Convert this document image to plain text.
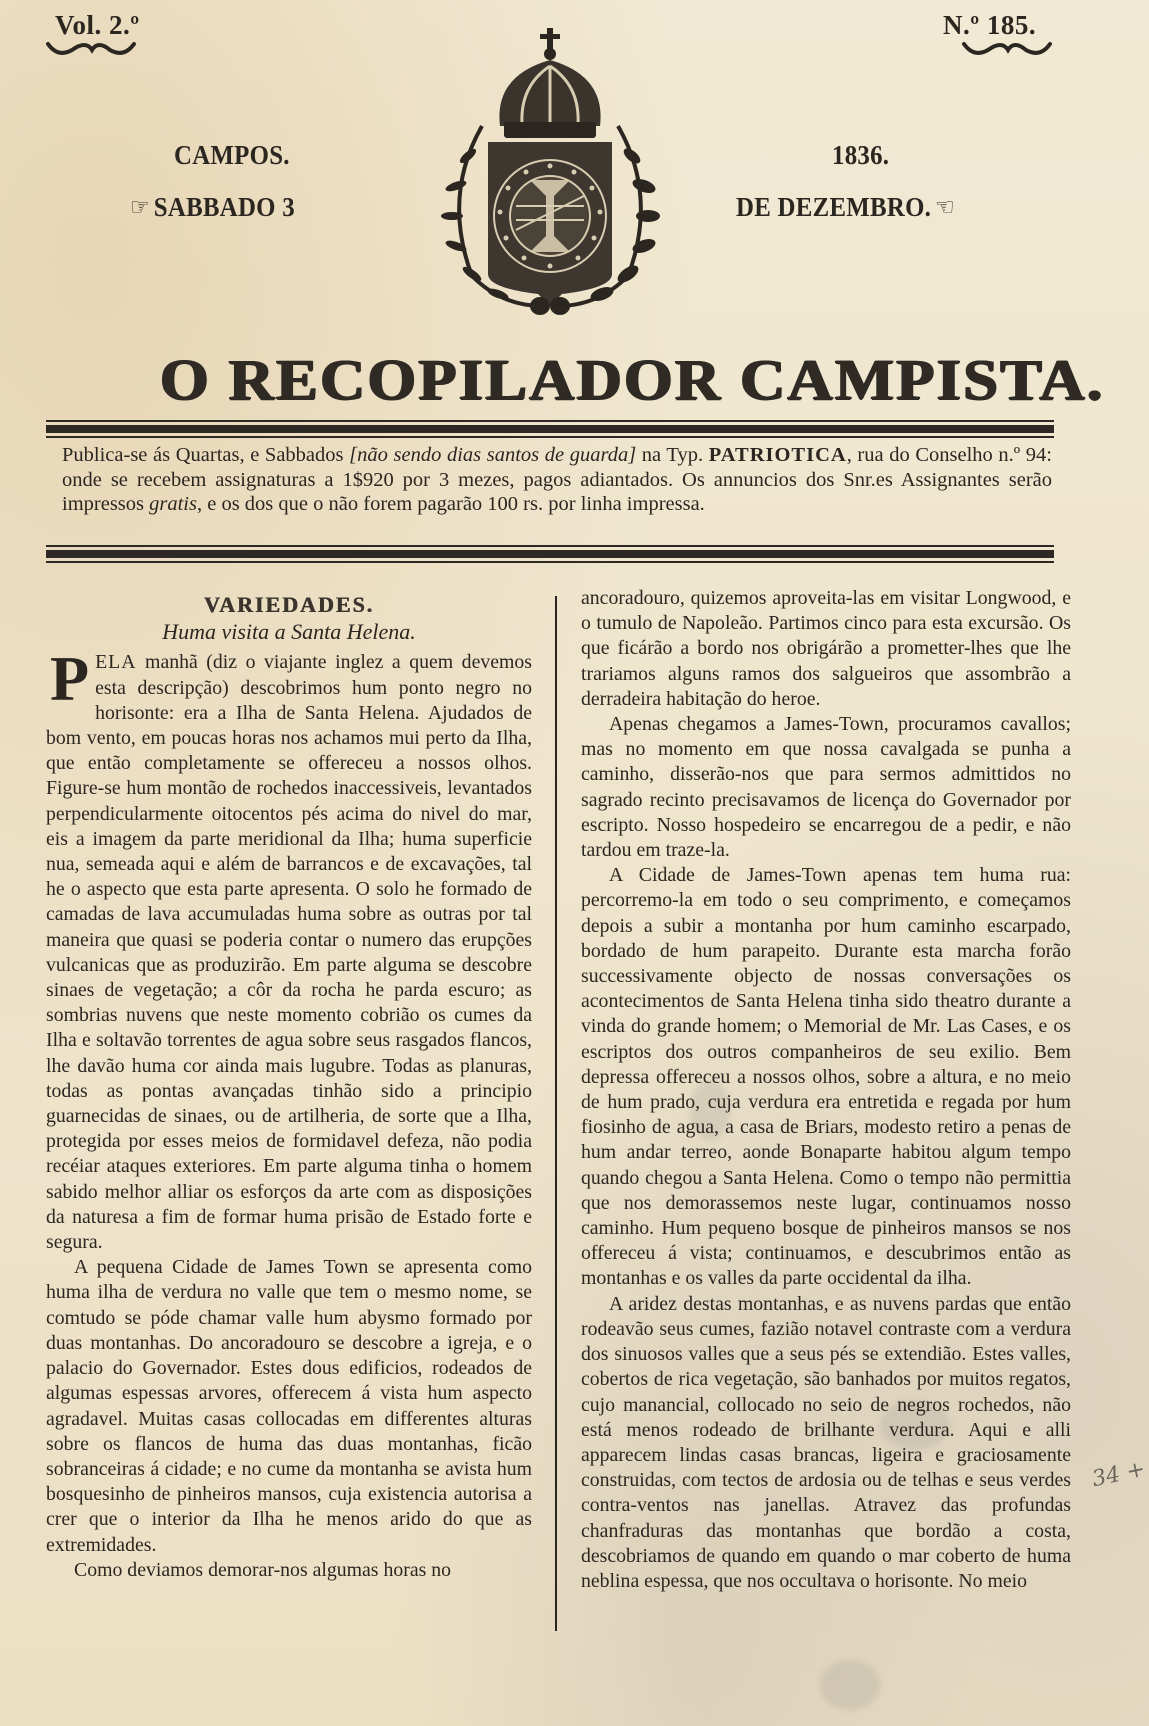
Vol. 2.º	N.º 185.
CAMPOS.	1836.
☞ SABBADO 3	DE DEZEMBRO. ☜
O RECOPILADOR CAMPISTA.
Publica-se ás Quartas, e Sabbados [não sendo dias santos de guarda] na Typ. PATRIOTICA, rua do Conselho n.º 94: onde se recebem assignaturas a 1$920 por 3 mezes, pagos adiantados. Os annuncios dos Snr.es Assignantes serão impressos gratis, e os dos que o não forem pagarão 100 rs. por linha impressa.
VARIEDADES.
Huma visita a Santa Helena.

PELA manhã (diz o viajante inglez a quem devemos esta descripção) descobrimos hum ponto negro no horisonte: era a Ilha de Santa Helena. Ajudados de bom vento, em poucas horas nos achamos mui perto da Ilha, que então completamente se offereceu a nossos olhos. Figure-se hum montão de rochedos inaccessiveis, levantados perpendicularmente oitocentos pés acima do nivel do mar, eis a imagem da parte meridional da Ilha; huma superficie nua, semeada aqui e além de barrancos e de excavações, tal he o aspecto que esta parte apresenta. O solo he formado de camadas de lava accumuladas huma sobre as outras por tal maneira que quasi se poderia contar o numero das erupções vulcanicas que as produzirão. Em parte alguma se descobre sinaes de vegetação; a côr da rocha he parda escuro; as sombrias nuvens que neste momento cobrião os cumes da Ilha e soltavão torrentes de agua sobre seus rasgados flancos, lhe davão huma cor ainda mais lugubre. Todas as planuras, todas as pontas avançadas tinhão sido a principio guarnecidas de sinaes, ou de artilheria, de sorte que a Ilha, protegida por esses meios de formidavel defeza, não podia recéiar ataques exteriores. Em parte alguma tinha o homem sabido melhor alliar os esforços da arte com as disposições da naturesa a fim de formar huma prisão de Estado forte e segura.

A pequena Cidade de James Town se apresenta como huma ilha de verdura no valle que tem o mesmo nome, se comtudo se póde chamar valle hum abysmo formado por duas montanhas. Do ancoradouro se descobre a igreja, e o palacio do Governador. Estes dous edificios, rodeados de algumas espessas arvores, offerecem á vista hum aspecto agradavel. Muitas casas collocadas em differentes alturas sobre os flancos de huma das duas montanhas, ficão sobranceiras á cidade; e no cume da montanha se avista hum bosquesinho de pinheiros mansos, cuja existencia autorisa a crer que o interior da Ilha he menos arido do que as extremidades.

Como deviamos demorar-nos algumas horas no

ancoradouro, quizemos aproveita-las em visitar Longwood, e o tumulo de Napoleão. Partimos cinco para esta excursão. Os que ficárão a bordo nos obrigárão a prometter-lhes que lhe trariamos alguns ramos dos salgueiros que assombrão a derradeira habitação do heroe.

Apenas chegamos a James-Town, procuramos cavallos; mas no momento em que nossa cavalgada se punha a caminho, disserão-nos que para sermos admittidos no sagrado recinto precisavamos de licença do Governador por escripto. Nosso hospedeiro se encarregou de a pedir, e não tardou em traze-la.

A Cidade de James-Town apenas tem huma rua: percorremo-la em todo o seu comprimento, e começamos depois a subir a montanha por hum caminho escarpado, bordado de hum parapeito. Durante esta marcha forão successivamente objecto de nossas conversações os acontecimentos de Santa Helena tinha sido theatro durante a vinda do grande homem; o Memorial de Mr. Las Cases, e os escriptos dos outros companheiros de seu exilio. Bem depressa offereceu a nossos olhos, sobre a altura, e no meio de hum prado, cuja verdura era entretida e regada por hum fiosinho de agua, a casa de Briars, modesto retiro a penas de hum andar terreo, aonde Bonaparte habitou algum tempo quando chegou a Santa Helena. Como o tempo não permittia que nos demorassemos neste lugar, continuamos nosso caminho. Hum pequeno bosque de pinheiros mansos se nos offereceu á vista; continuamos, e descubrimos então as montanhas e os valles da parte occidental da ilha.

A aridez destas montanhas, e as nuvens pardas que então rodeavão seus cumes, fazião notavel contraste com a verdura dos sinuosos valles que a seus pés se extendião. Estes valles, cobertos de rica vegetação, são banhados por muitos regatos, cujo manancial, collocado no seio de negros rochedos, não está menos rodeado de brilhante verdura. Aqui e alli apparecem lindas casas brancas, ligeira e graciosamente construidas, com tectos de ardosia ou de telhas e seus verdes contra-ventos nas janellas. Atravez das profundas chanfraduras das montanhas que bordão a costa, descobriamos de quando em quando o mar coberto de huma neblina espessa, que nos occultava o horisonte. No meio

34 +
